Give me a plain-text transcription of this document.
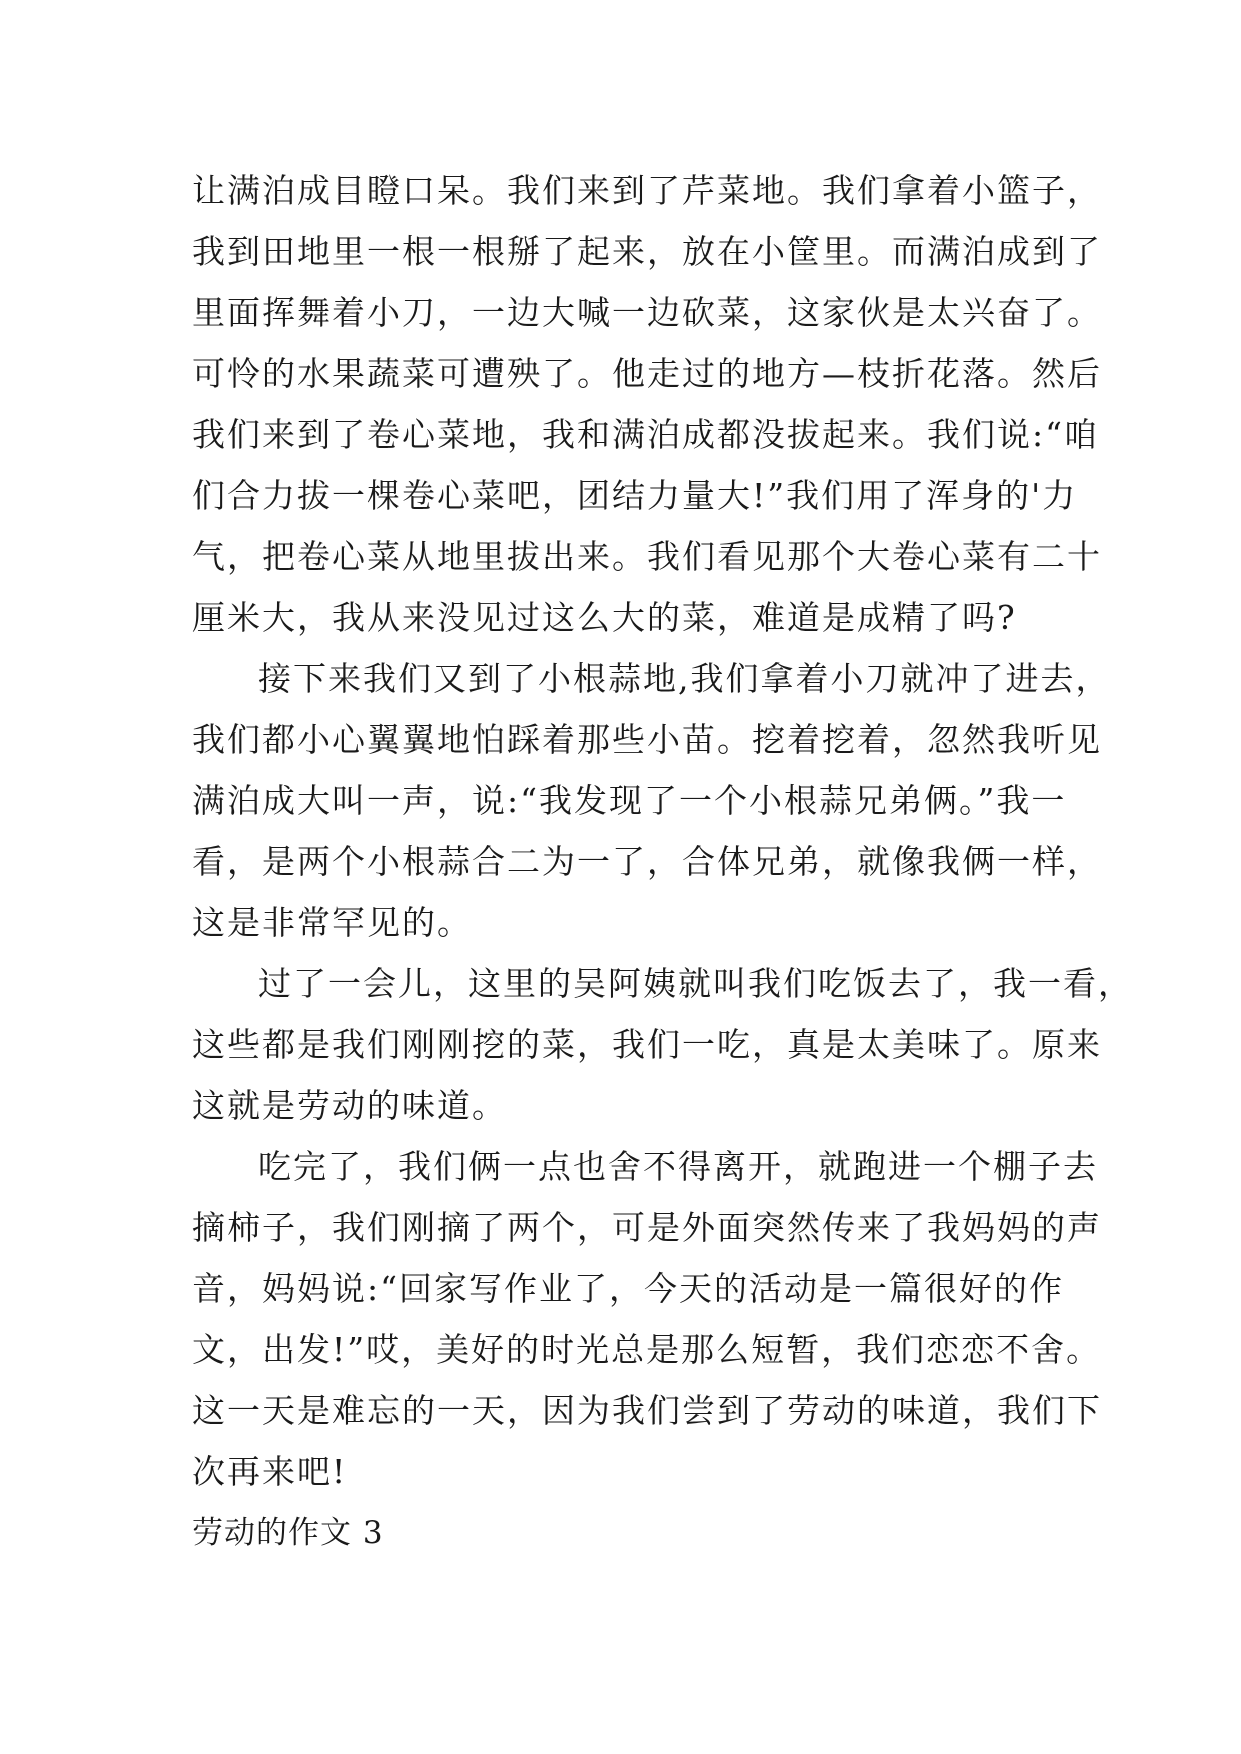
让满泊成目瞪口呆。我们来到了芹菜地。我们拿着小篮子，
我到田地里一根一根掰了起来，放在小筐里。而满泊成到了
里面挥舞着小刀，一边大喊一边砍菜，这家伙是太兴奋了。
可怜的水果蔬菜可遭殃了。他走过的地方—枝折花落。然后
我们来到了卷心菜地，我和满泊成都没拔起来。我们说:“咱
们合力拔一棵卷心菜吧，团结力量大!”我们用了浑身的'力
气，把卷心菜从地里拔出来。我们看见那个大卷心菜有二十
厘米大，我从来没见过这么大的菜，难道是成精了吗?
接下来我们又到了小根蒜地,我们拿着小刀就冲了进去，
我们都小心翼翼地怕踩着那些小苗。挖着挖着，忽然我听见
满泊成大叫一声，说:“我发现了一个小根蒜兄弟俩。”我一
看，是两个小根蒜合二为一了，合体兄弟，就像我俩一样，
这是非常罕见的。
过了一会儿，这里的吴阿姨就叫我们吃饭去了，我一看，
这些都是我们刚刚挖的菜，我们一吃，真是太美味了。原来
这就是劳动的味道。
吃完了，我们俩一点也舍不得离开，就跑进一个棚子去
摘柿子，我们刚摘了两个，可是外面突然传来了我妈妈的声
音，妈妈说:“回家写作业了，今天的活动是一篇很好的作
文，出发!”哎，美好的时光总是那么短暂，我们恋恋不舍。
这一天是难忘的一天，因为我们尝到了劳动的味道，我们下
次再来吧!
劳动的作文 3
